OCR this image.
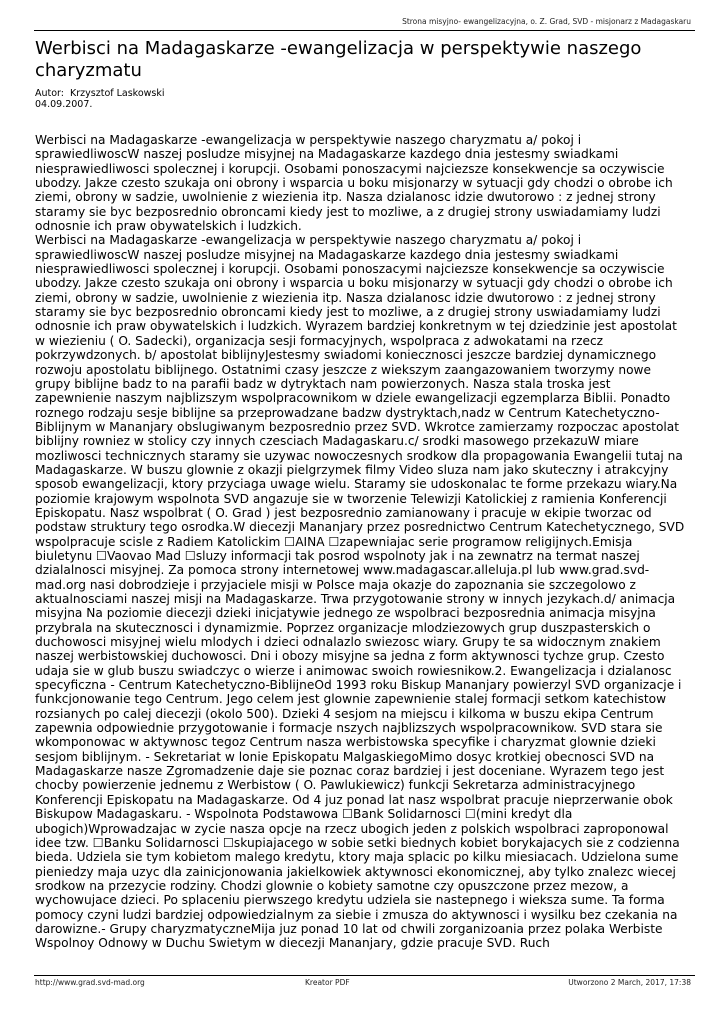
Strona misyjno- ewangelizacyjna, o. Z. Grad, SVD - misjonarz z Madagaskaru
Werbisci na Madagaskarze -ewangelizacja w perspektywie naszego charyzmatu
Autor:  Krzysztof Laskowski
04.09.2007.
Werbisci na Madagaskarze -ewangelizacja w perspektywie naszego charyzmatu a/ pokoj i sprawiedliwoscW naszej posludze misyjnej na Madagaskarze kazdego dnia jestesmy swiadkami niesprawiedliwosci spolecznej i korupcji. Osobami ponoszacymi najciezsze konsekwencje sa oczywiscie ubodzy. Jakze czesto szukaja oni obrony i wsparcia u boku misjonarzy w sytuacji gdy chodzi o obrobe ich ziemi, obrony w sadzie, uwolnienie z wiezienia itp. Nasza dzialanosc idzie dwutorowo : z jednej strony staramy sie byc bezposrednio obroncami kiedy jest to mozliwe, a z drugiej strony uswiadamiamy ludzi odnosnie ich praw obywatelskich i ludzkich.
Werbisci na Madagaskarze -ewangelizacja w perspektywie naszego charyzmatu a/ pokoj i sprawiedliwoscW naszej posludze misyjnej na Madagaskarze kazdego dnia jestesmy swiadkami niesprawiedliwosci spolecznej i korupcji. Osobami ponoszacymi najciezsze konsekwencje sa oczywiscie ubodzy. Jakze czesto szukaja oni obrony i wsparcia u boku misjonarzy w sytuacji gdy chodzi o obrobe ich ziemi, obrony w sadzie, uwolnienie z wiezienia itp. Nasza dzialanosc idzie dwutorowo : z jednej strony staramy sie byc bezposrednio obroncami kiedy jest to mozliwe, a z drugiej strony uswiadamiamy ludzi odnosnie ich praw obywatelskich i ludzkich. Wyrazem bardziej konkretnym w tej dziedzinie jest apostolat w wiezieniu ( O. Sadecki), organizacja sesji formacyjnych, wspolpraca z adwokatami na rzecz pokrzywdzonych. b/ apostolat biblijnyJestesmy swiadomi koniecznosci jeszcze bardziej dynamicznego rozwoju apostolatu biblijnego. Ostatnimi czasy jeszcze z wiekszym zaangazowaniem tworzymy nowe grupy biblijne badz to na parafii badz w dytryktach nam powierzonych. Nasza stala troska jest zapewnienie naszym najblizszym wspolpracownikom w dziele ewangelizacji egzemplarza Biblii. Ponadto roznego rodzaju sesje biblijne sa przeprowadzane badzw dystryktach,nadz w Centrum Katechetyczno-Biblijnym w Mananjary obslugiwanym bezposrednio przez SVD. Wkrotce zamierzamy rozpoczac apostolat biblijny rowniez w stolicy czy innych czesciach Madagaskaru.c/ srodki masowego przekazuW miare mozliwosci technicznych staramy sie uzywac nowoczesnych srodkow dla propagowania Ewangelii tutaj na Madagaskarze. W buszu glownie z okazji pielgrzymek filmy Video sluza nam jako skuteczny i atrakcyjny sposob ewangelizacji, ktory przyciaga uwage wielu. Staramy sie udoskonalac te forme przekazu wiary.Na poziomie krajowym wspolnota SVD angazuje sie w tworzenie Telewizji Katolickiej z ramienia Konferencji Episkopatu. Nasz wspolbrat ( O. Grad ) jest bezposrednio zamianowany i pracuje w ekipie tworzac od podstaw struktury tego osrodka.W diecezji Mananjary przez posrednictwo Centrum Katechetycznego, SVD wspolpracuje scisle z Radiem Katolickim ☐AINA ☐zapewniajac serie programow religijnych.Emisja biuletynu ☐Vaovao Mad ☐sluzy informacji tak posrod wspolnoty jak i na zewnatrz na termat naszej dzialalnosci misyjnej. Za pomoca strony internetowej www.madagascar.alleluja.pl lub www.grad.svd-mad.org nasi dobrodzieje i przyjaciele misji w Polsce maja okazje do zapoznania sie szczegolowo z aktualnosciami naszej misji na Madagaskarze. Trwa przygotowanie strony w innych jezykach.d/ animacja misyjna Na poziomie diecezji dzieki inicjatywie jednego ze wspolbraci bezposrednia animacja misyjna przybrala na skutecznosci i dynamizmie. Poprzez organizacje mlodziezowych grup duszpasterskich o duchowosci misyjnej wielu mlodych i dzieci odnalazlo swiezosc wiary. Grupy te sa widocznym znakiem naszej werbistowskiej duchowosci. Dni i obozy misyjne sa jedna z form aktywnosci tychze grup. Czesto udaja sie w glub buszu swiadczyc o wierze i animowac swoich rowiesnikow.2. Ewangelizacja i dzialanosc specyficzna - Centrum Katechetyczno-BiblijneOd 1993 roku Biskup Mananjary powierzyl SVD organizacje i funkcjonowanie tego Centrum. Jego celem jest glownie zapewnienie stalej formacji setkom katechistow rozsianych po calej diecezji (okolo 500). Dzieki 4 sesjom na miejscu i kilkoma w buszu ekipa Centrum zapewnia odpowiednie przygotowanie i formacje nszych najblizszych wspolpracownikow. SVD stara sie wkomponowac w aktywnosc tegoz Centrum nasza werbistowska specyfike i charyzmat glownie dzieki sesjom biblijnym. - Sekretariat w lonie Episkopatu MalgaskiegoMimo dosyc krotkiej obecnosci SVD na Madagaskarze nasze Zgromadzenie daje sie poznac coraz bardziej i jest doceniane. Wyrazem tego jest chocby powierzenie jednemu z Werbistow ( O. Pawlukiewicz) funkcji Sekretarza administracyjnego Konferencji Episkopatu na Madagaskarze. Od 4 juz ponad lat nasz wspolbrat pracuje nieprzerwanie obok Biskupow Madagaskaru. - Wspolnota Podstawowa ☐Bank Solidarnosci ☐(mini kredyt dla ubogich)Wprowadzajac w zycie nasza opcje na rzecz ubogich jeden z polskich wspolbraci zaproponowal idee tzw. ☐Banku Solidarnosci ☐skupiajacego w sobie setki biednych kobiet borykajacych sie z codzienna bieda. Udziela sie tym kobietom malego kredytu, ktory maja splacic po kilku miesiacach. Udzielona sume pieniedzy maja uzyc dla zainicjonowania jakielkowiek aktywnosci ekonomicznej, aby tylko znalezc wiecej srodkow na przezycie rodziny. Chodzi glownie o kobiety samotne czy opuszczone przez mezow, a wychowujace dzieci. Po splaceniu pierwszego kredytu udziela sie nastepnego i wieksza sume. Ta forma pomocy czyni ludzi bardziej odpowiedzialnym za siebie i zmusza do aktywnosci i wysilku bez czekania na darowizne.- Grupy charyzmatyczneMija juz ponad 10 lat od chwili zorganizoania przez polaka Werbiste Wspolnoy Odnowy w Duchu Swietym w diecezji Mananjary, gdzie pracuje SVD. Ruch
http://www.grad.svd-mad.org	Kreator PDF	Utworzono 2 March, 2017, 17:38
